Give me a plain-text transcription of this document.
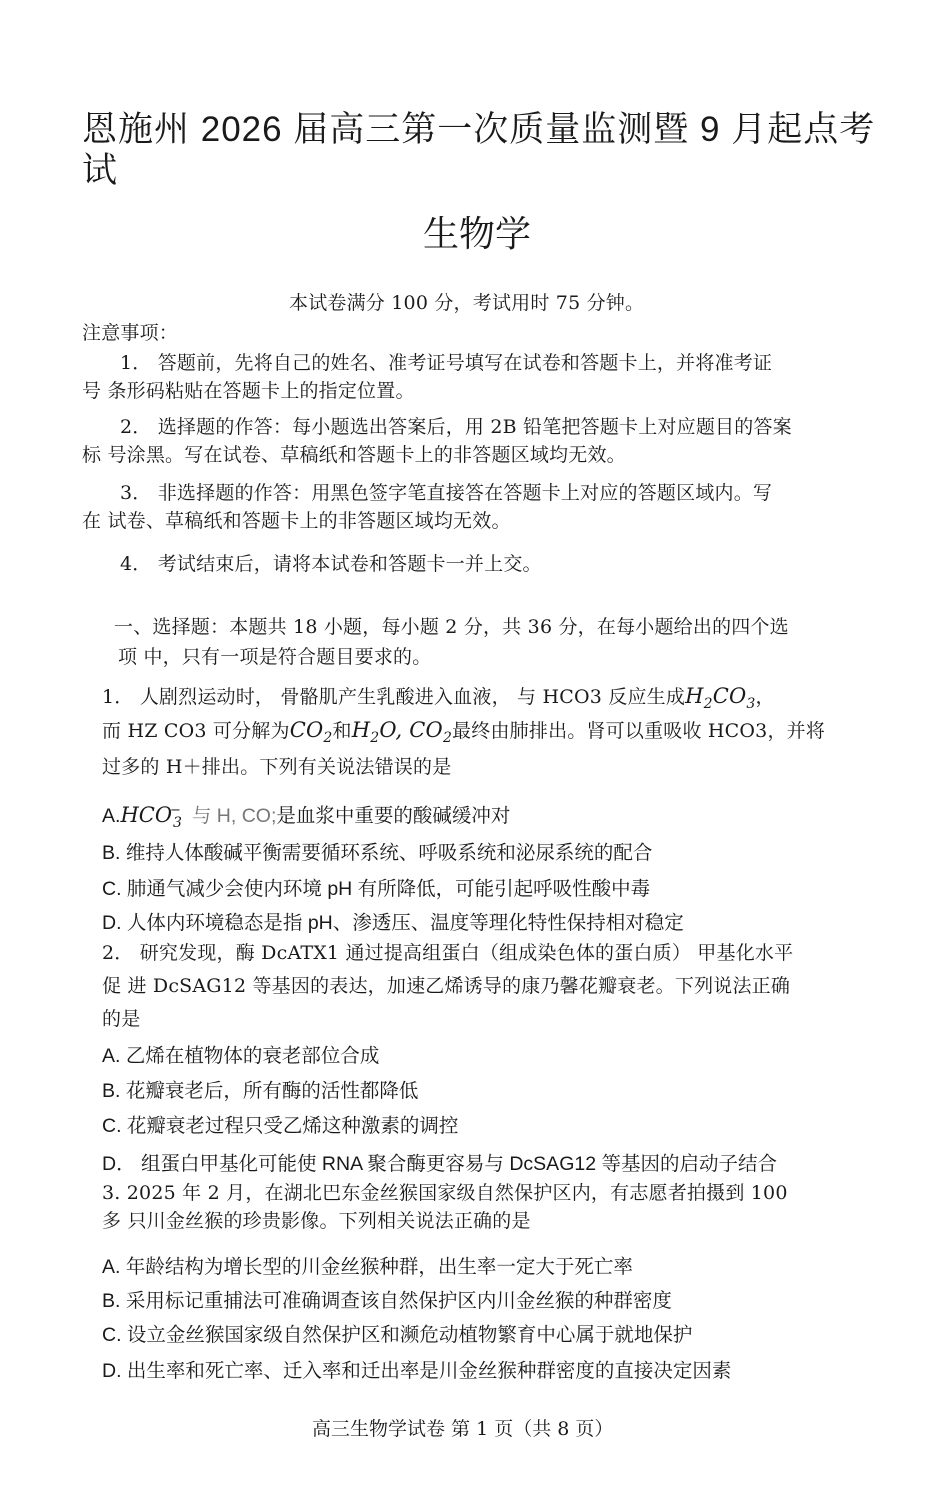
恩施州 2026 届高三第一次质量监测暨 9 月起点考
试
生物学
本试卷满分 100 分，考试用时 75 分钟。
注意事项：
1． 答题前，先将自己的姓名、准考证号填写在试卷和答题卡上，并将准考证
号 条形码粘贴在答题卡上的指定位置。
2． 选择题的作答：每小题选出答案后，用 2B 铅笔把答题卡上对应题目的答案
标 号涂黑。写在试卷、草稿纸和答题卡上的非答题区域均无效。
3． 非选择题的作答：用黑色签字笔直接答在答题卡上对应的答题区域内。写
在 试卷、草稿纸和答题卡上的非答题区域均无效。
4． 考试结束后，请将本试卷和答题卡一并上交。
一、选择题：本题共 18 小题，每小题 2 分，共 36 分，在每小题给出的四个选
项 中，只有一项是符合题目要求的。
1． 人剧烈运动时， 骨骼肌产生乳酸进入血液， 与 HCO3 反应生成$H_2CO_3$，
而 HZ CO3 可分解为$CO_2$和$H_2O$, $CO_2$最终由肺排出。肾可以重吸收 HCO3，并将
过多的 H＋排出。下列有关说法错误的是
$A.HCO^-_3$ 与 H, CO;是血浆中重要的酸碱缓冲对
B. 维持人体酸碱平衡需要循环系统、呼吸系统和泌尿系统的配合
C. 肺通气减少会使内环境 pH 有所降低，可能引起呼吸性酸中毒
D. 人体内环境稳态是指 pH、渗透压、温度等理化特性保持相对稳定
2． 研究发现，酶 DcATX1 通过提高组蛋白（组成染色体的蛋白质） 甲基化水平
促 进 DcSAG12 等基因的表达，加速乙烯诱导的康乃馨花瓣衰老。下列说法正确
的是
A. 乙烯在植物体的衰老部位合成
B. 花瓣衰老后，所有酶的活性都降低
C. 花瓣衰老过程只受乙烯这种激素的调控
D． 组蛋白甲基化可能使 RNA 聚合酶更容易与 DcSAG12 等基因的启动子结合
3. 2025 年 2 月，在湖北巴东金丝猴国家级自然保护区内，有志愿者拍摄到 100
多 只川金丝猴的珍贵影像。下列相关说法正确的是
A. 年龄结构为增长型的川金丝猴种群，出生率一定大于死亡率
B. 采用标记重捕法可准确调查该自然保护区内川金丝猴的种群密度
C. 设立金丝猴国家级自然保护区和濒危动植物繁育中心属于就地保护
D. 出生率和死亡率、迁入率和迁出率是川金丝猴种群密度的直接决定因素
高三生物学试卷 第 1 页（共 8 页）
